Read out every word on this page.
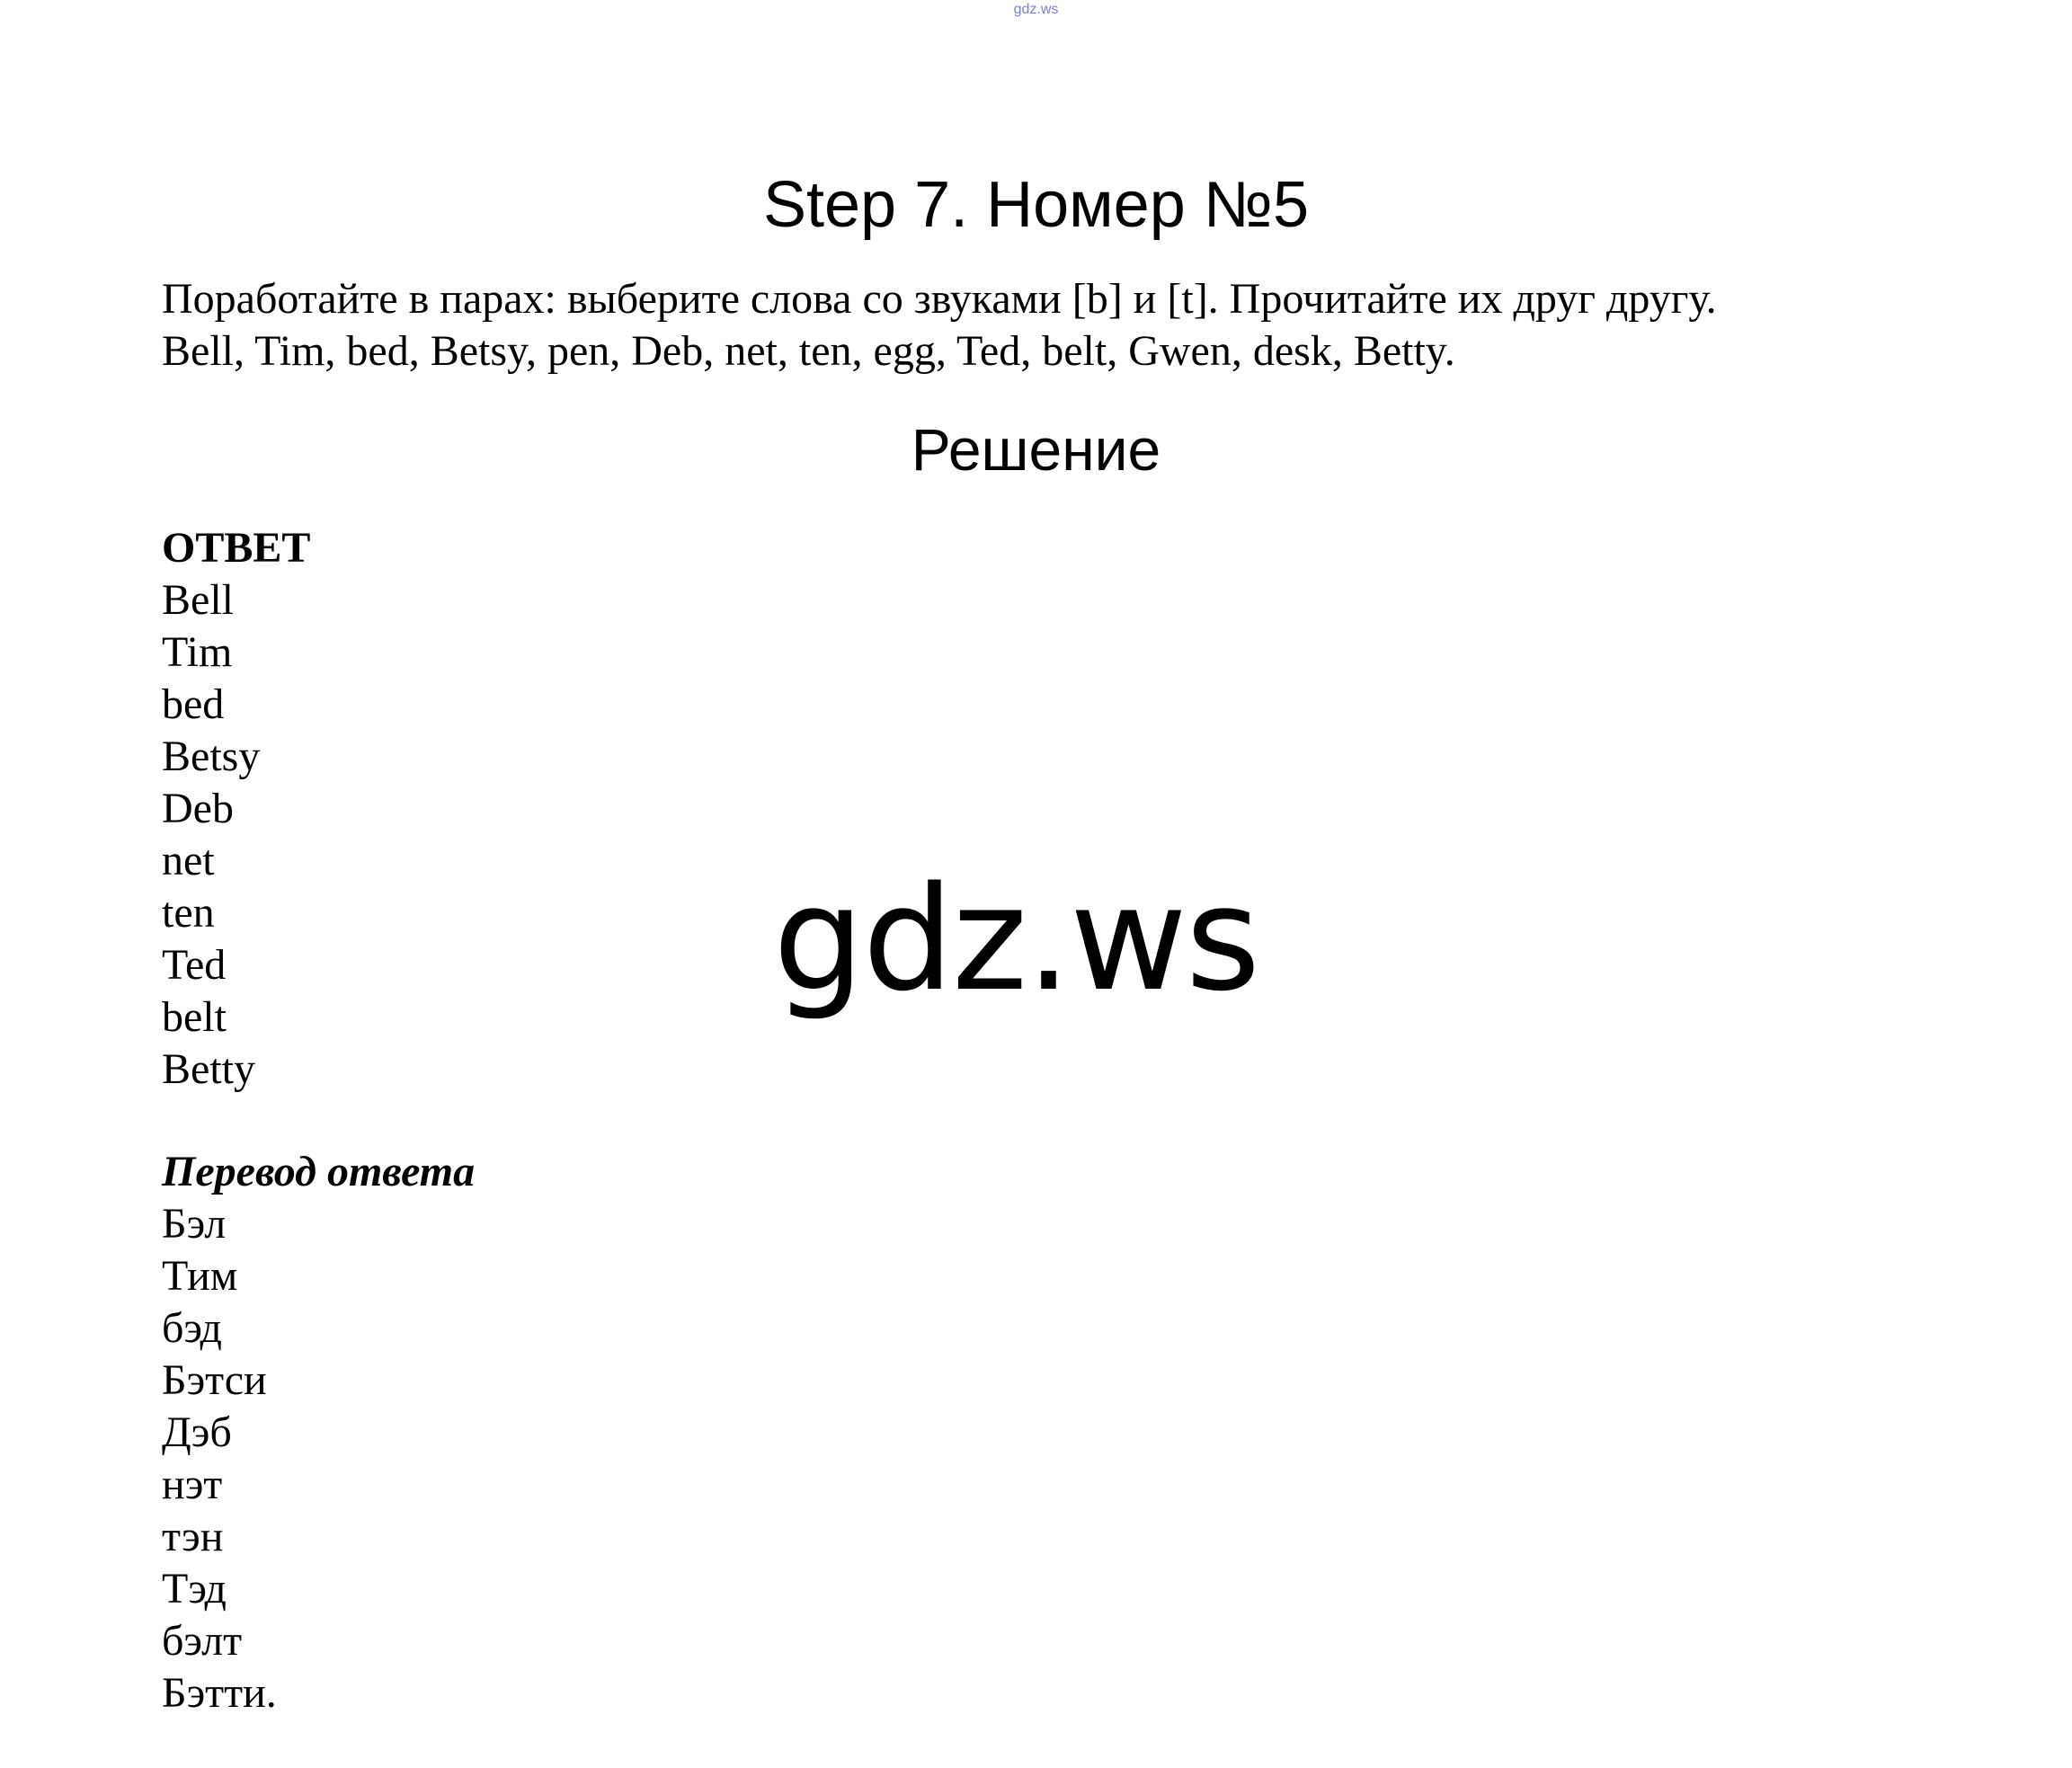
gdz.ws
Step 7. Номер №5
Поработайте в парах: выберите слова со звуками [b] и [t]. Прочитайте их друг другу.
Bell, Tim, bed, Betsy, pen, Deb, net, ten, egg, Ted, belt, Gwen, desk, Betty.
Решение
ОТВЕТ
Bell
Tim
bed
Betsy
Deb
net
ten
Ted
belt
Betty
gdz.ws
Перевод ответа
Бэл
Тим
бэд
Бэтси
Дэб
нэт
тэн
Тэд
бэлт
Бэтти.
